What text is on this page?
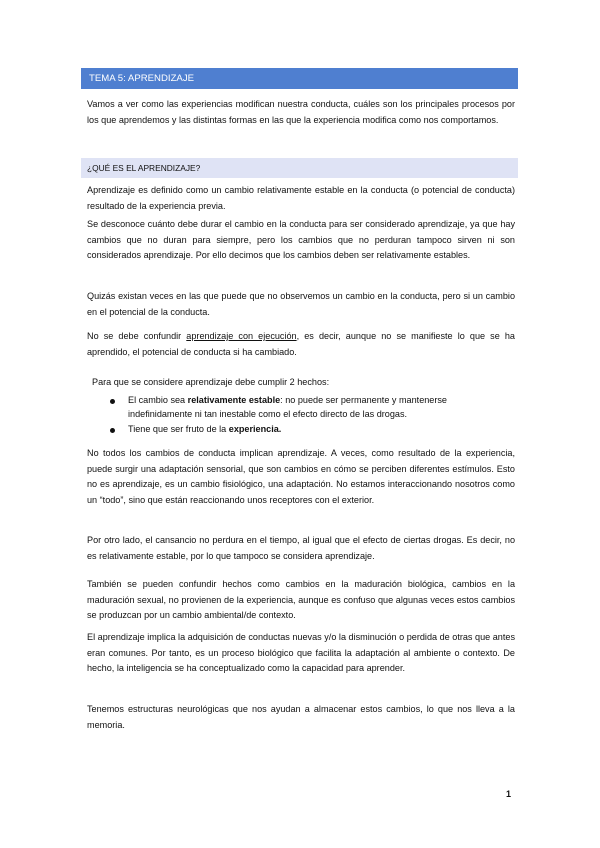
TEMA 5: APRENDIZAJE

Vamos a ver como las experiencias modifican nuestra conducta, cuáles son los principales procesos por los que aprendemos y las distintas formas en las que la experiencia modifica como nos comportamos.

¿QUÉ ES EL APRENDIZAJE?

Aprendizaje es definido como un cambio relativamente estable en la conducta (o potencial de conducta) resultado de la experiencia previa.

Se desconoce cuánto debe durar el cambio en la conducta para ser considerado aprendizaje, ya que hay cambios que no duran para siempre, pero los cambios que no perduran tampoco sirven ni son considerados aprendizaje. Por ello decimos que los cambios deben ser relativamente estables.

Quizás existan veces en las que puede que no observemos un cambio en la conducta, pero si un cambio en el potencial de la conducta.

No se debe confundir aprendizaje con ejecución, es decir, aunque no se manifieste lo que se ha aprendido, el potencial de conducta si ha cambiado.

Para que se considere aprendizaje debe cumplir 2 hechos:

El cambio sea relativamente estable: no puede ser permanente y mantenerse indefinidamente ni tan inestable como el efecto directo de las drogas.
Tiene que ser fruto de la experiencia.

No todos los cambios de conducta implican aprendizaje. A veces, como resultado de la experiencia, puede surgir una adaptación sensorial, que son cambios en cómo se perciben diferentes estímulos. Esto no es aprendizaje, es un cambio fisiológico, una adaptación. No estamos interaccionando nosotros como un “todo”, sino que están reaccionando unos receptores con el exterior.

Por otro lado, el cansancio no perdura en el tiempo, al igual que el efecto de ciertas drogas. Es decir, no es relativamente estable, por lo que tampoco se considera aprendizaje.

También se pueden confundir hechos como cambios en la maduración biológica, cambios en la maduración sexual, no provienen de la experiencia, aunque es confuso que algunas veces estos cambios se produzcan por un cambio ambiental/de contexto.

El aprendizaje implica la adquisición de conductas nuevas y/o la disminución o perdida de otras que antes eran comunes. Por tanto, es un proceso biológico que facilita la adaptación al ambiente o contexto. De hecho, la inteligencia se ha conceptualizado como la capacidad para aprender.

Tenemos estructuras neurológicas que nos ayudan a almacenar estos cambios, lo que nos lleva a la memoria.

1
